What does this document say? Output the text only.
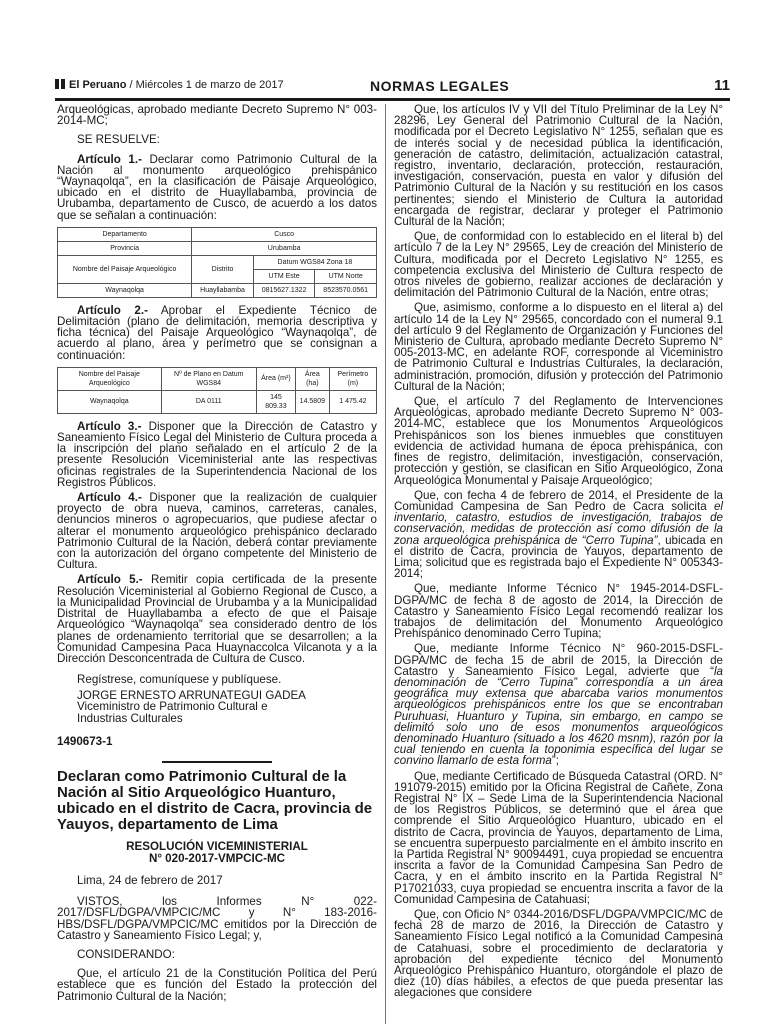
El Peruano / Miércoles 1 de marzo de 2017	NORMAS LEGALES	11

Arqueológicas, aprobado mediante Decreto Supremo N° 003-2014-MC;

SE RESUELVE:

Artículo 1.- Declarar como Patrimonio Cultural de la Nación al monumento arqueológico prehispánico “Waynaqolqa”, en la clasificación de Paisaje Arqueológico, ubicado en el distrito de Huayllabamba, provincia de Urubamba, departamento de Cusco, de acuerdo a los datos que se señalan a continuación:

Departamento	Cusco		
Provincia	Urubamba		
Nombre del Paisaje Arqueológico	Distrito	Datum WGS84 Zona 18	
		UTM Este	UTM Norte
Waynaqolqa	Huayllabamba	0815627.1322	8523570.0561

Artículo 2.- Aprobar el Expediente Técnico de Delimitación (plano de delimitación, memoria descriptiva y ficha técnica) del Paisaje Arqueológico “Waynaqolqa”, de acuerdo al plano, área y perímetro que se consignan a continuación:

Nombre del Paisaje Arqueológico	Nº de Plano en Datum WGS84	Área (m²)	Área (ha)	Perímetro (m)
Waynaqolqa	DA 0111	145 809.33	14.5809	1 475.42

Artículo 3.- Disponer que la Dirección de Catastro y Saneamiento Físico Legal del Ministerio de Cultura proceda a la inscripción del plano señalado en el artículo 2 de la presente Resolución Viceministerial ante las respectivas oficinas registrales de la Superintendencia Nacional de los Registros Públicos.

Artículo 4.- Disponer que la realización de cualquier proyecto de obra nueva, caminos, carreteras, canales, denuncios mineros o agropecuarios, que pudiese afectar o alterar el monumento arqueológico prehispánico declarado Patrimonio Cultural de la Nación, deberá contar previamente con la autorización del órgano competente del Ministerio de Cultura.

Artículo 5.- Remitir copia certificada de la presente Resolución Viceministerial al Gobierno Regional de Cusco, a la Municipalidad Provincial de Urubamba y a la Municipalidad Distrital de Huayllabamba a efecto de que el Paisaje Arqueológico “Waynaqolqa” sea considerado dentro de los planes de ordenamiento territorial que se desarrollen; a la Comunidad Campesina Paca Huaynaccolca Vilcanota y a la Dirección Desconcentrada de Cultura de Cusco.

Regístrese, comuníquese y publíquese.

JORGE ERNESTO ARRUNATEGUI GADEA
Viceministro de Patrimonio Cultural e
Industrias Culturales
1490673-1
Declaran como Patrimonio Cultural de la Nación al Sitio Arqueológico Huanturo, ubicado en el distrito de Cacra, provincia de Yauyos, departamento de Lima
RESOLUCIÓN VICEMINISTERIAL
N° 020-2017-VMPCIC-MC

Lima, 24 de febrero de 2017

VISTOS, los Informes N° 022-2017/DSFL/DGPA/VMPCIC/MC y N° 183-2016-HBS/DSFL/DGPA/VMPCIC/MC emitidos por la Dirección de Catastro y Saneamiento Físico Legal; y,

CONSIDERANDO:

Que, el artículo 21 de la Constitución Política del Perú establece que es función del Estado la protección del Patrimonio Cultural de la Nación;

Que, los artículos IV y VII del Título Preliminar de la Ley N° 28296, Ley General del Patrimonio Cultural de la Nación, modificada por el Decreto Legislativo N° 1255, señalan que es de interés social y de necesidad pública la identificación, generación de catastro, delimitación, actualización catastral, registro, inventario, declaración, protección, restauración, investigación, conservación, puesta en valor y difusión del Patrimonio Cultural de la Nación y su restitución en los casos pertinentes; siendo el Ministerio de Cultura la autoridad encargada de registrar, declarar y proteger el Patrimonio Cultural de la Nación;

Que, de conformidad con lo establecido en el literal b) del artículo 7 de la Ley N° 29565, Ley de creación del Ministerio de Cultura, modificada por el Decreto Legislativo N° 1255, es competencia exclusiva del Ministerio de Cultura respecto de otros niveles de gobierno, realizar acciones de declaración y delimitación del Patrimonio Cultural de la Nación, entre otras;

Que, asimismo, conforme a lo dispuesto en el literal a) del artículo 14 de la Ley N° 29565, concordado con el numeral 9.1 del artículo 9 del Reglamento de Organización y Funciones del Ministerio de Cultura, aprobado mediante Decreto Supremo N° 005-2013-MC, en adelante ROF, corresponde al Viceministro de Patrimonio Cultural e Industrias Culturales, la declaración, administración, promoción, difusión y protección del Patrimonio Cultural de la Nación;

Que, el artículo 7 del Reglamento de Intervenciones Arqueológicas, aprobado mediante Decreto Supremo N° 003-2014-MC, establece que los Monumentos Arqueológicos Prehispánicos son los bienes inmuebles que constituyen evidencia de actividad humana de época prehispánica, con fines de registro, delimitación, investigación, conservación, protección y gestión, se clasifican en Sitio Arqueológico, Zona Arqueológica Monumental y Paisaje Arqueológico;

Que, con fecha 4 de febrero de 2014, el Presidente de la Comunidad Campesina de San Pedro de Cacra solicita el inventario, catastro, estudios de investigación, trabajos de conservación, medidas de protección así como difusión de la zona arqueológica prehispánica de “Cerro Tupina”, ubicada en el distrito de Cacra, provincia de Yauyos, departamento de Lima; solicitud que es registrada bajo el Expediente N° 005343-2014;

Que, mediante Informe Técnico N° 1945-2014-DSFL-DGPA/MC de fecha 8 de agosto de 2014, la Dirección de Catastro y Saneamiento Físico Legal recomendó realizar los trabajos de delimitación del Monumento Arqueológico Prehispánico denominado Cerro Tupina;

Que, mediante Informe Técnico N° 960-2015-DSFL-DGPA/MC de fecha 15 de abril de 2015, la Dirección de Catastro y Saneamiento Físico Legal, advierte que “la denominación de “Cerro Tupina” correspondía a un área geográfica muy extensa que abarcaba varios monumentos arqueológicos prehispánicos entre los que se encontraban Puruhuasi, Huanturo y Tupina, sin embargo, en campo se delimitó solo uno de esos monumentos arqueológicos denominado Huanturo (situado a los 4620 msnm), razón por la cual teniendo en cuenta la toponimia específica del lugar se convino llamarlo de esta forma”;

Que, mediante Certificado de Búsqueda Catastral (ORD. N° 191079-2015) emitido por la Oficina Registral de Cañete, Zona Registral N° IX – Sede Lima de la Superintendencia Nacional de los Registros Públicos, se determinó que el área que comprende el Sitio Arqueológico Huanturo, ubicado en el distrito de Cacra, provincia de Yauyos, departamento de Lima, se encuentra superpuesto parcialmente en el ámbito inscrito en la Partida Registral N° 90094491, cuya propiedad se encuentra inscrita a favor de la Comunidad Campesina San Pedro de Cacra, y en el ámbito inscrito en la Partida Registral N° P17021033, cuya propiedad se encuentra inscrita a favor de la Comunidad Campesina de Catahuasi;

Que, con Oficio N° 0344-2016/DSFL/DGPA/VMPCIC/MC de fecha 28 de marzo de 2016, la Dirección de Catastro y Saneamiento Físico Legal notificó a la Comunidad Campesina de Catahuasi, sobre el procedimiento de declaratoria y aprobación del expediente técnico del Monumento Arqueológico Prehispánico Huanturo, otorgándole el plazo de diez (10) días hábiles, a efectos de que pueda presentar las alegaciones que considere
